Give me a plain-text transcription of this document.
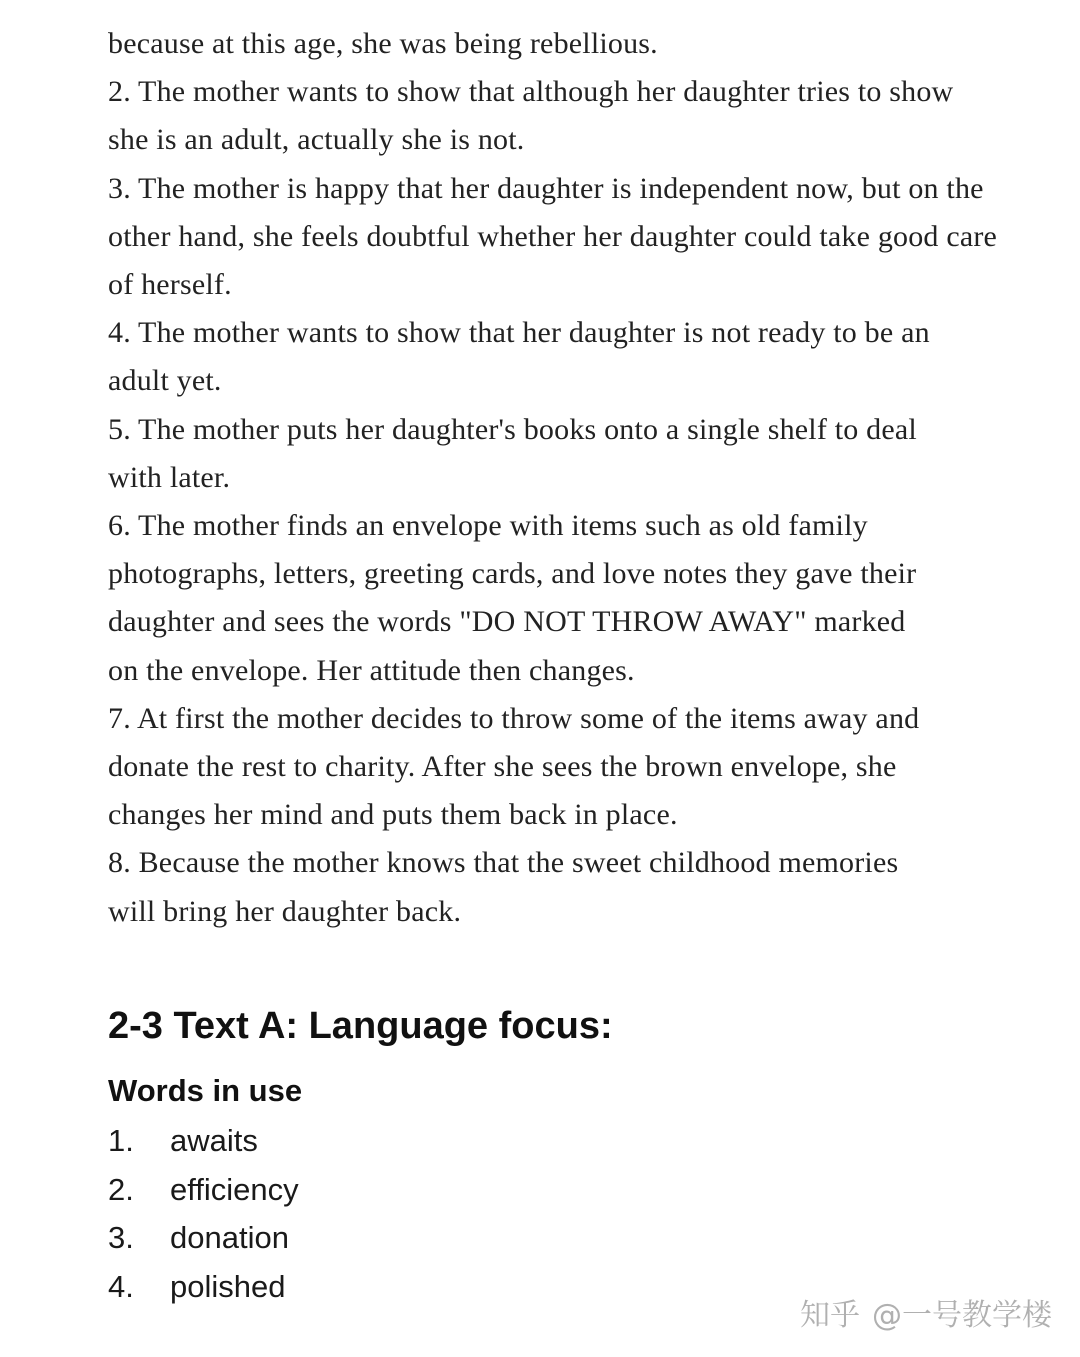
because at this age, she was being rebellious.

2. The mother wants to show that although her daughter tries to show she is an adult, actually she is not.

3. The mother is happy that her daughter is independent now, but on the other hand, she feels doubtful whether her daughter could take good care of herself.

4. The mother wants to show that her daughter is not ready to be an adult yet.

5. The mother puts her daughter's books onto a single shelf to deal with later.

6. The mother finds an envelope with items such as old family photographs, letters, greeting cards, and love notes they gave their daughter and sees the words "DO NOT THROW AWAY" marked on the envelope. Her attitude then changes.

7. At first the mother decides to throw some of the items away and donate the rest to charity. After she sees the brown envelope, she changes her mind and puts them back in place.

8. Because the mother knows that the sweet childhood memories will bring her daughter back.

2-3 Text A: Language focus:
Words in use
1.	awaits
2.	efficiency
3.	donation
4.	polished
知乎 @一号教学楼
